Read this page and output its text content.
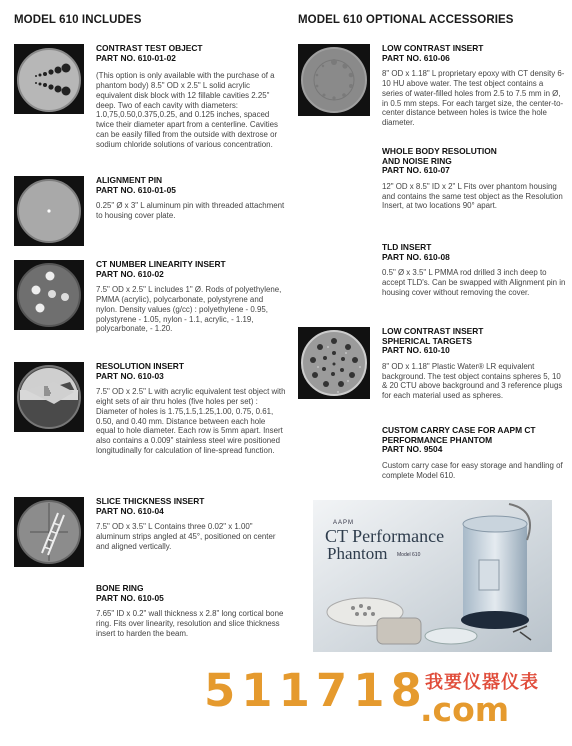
MODEL 610 INCLUDES	MODEL 610 OPTIONAL ACCESSORIES
CONTRAST TEST OBJECT
PART NO. 610-01-02
(This option is only available with the purchase of a phantom body) 8.5" OD x 2.5" L solid acrylic equivalent disk block with 12 fillable cavities 2.25" deep. Two of each cavity with diameters: 1.0,75,0.50,0.375,0.25, and 0.125 inches, spaced twice their diameter apart from a centerline. Cavities can be easily filled from the outside with dextrose or sodium chloride solutions of various concentration.
ALIGNMENT PIN
PART NO. 610-01-05
0.25" Ø x 3" L aluminum pin with threaded attachment to housing cover plate.
CT NUMBER LINEARITY INSERT
PART NO. 610-02
7.5" OD x 2.5" L includes 1" Ø. Rods of polyethylene, PMMA (acrylic), polycarbonate, polystyrene and nylon. Density values (g/cc) : polyethylene - 0.95, polystyrene - 1.05, nylon - 1.1, acrylic, - 1.19, polycarbonate, - 1.20.
RESOLUTION INSERT
PART NO. 610-03
7.5" OD x 2.5" L with acrylic equivalent test object with eight sets of air thru holes (five holes per set) : Diameter of holes is 1.75,1.5,1.25,1.00, 0.75, 0.61, 0.50, and 0.40 mm. Distance between each hole equal to hole diameter. Each row is 5mm apart. Insert also contains a 0.009" stainless steel wire positioned longitudinally for calculation of line-spread function.
SLICE THICKNESS INSERT
PART NO. 610-04
7.5" OD x 3.5" L Contains three 0.02" x 1.00" aluminum strips angled at 45°, positioned on center and aligned vertically.
BONE RING
PART NO. 610-05
7.65" ID x 0.2" wall thickness x 2.8" long cortical bone ring. Fits over linearity, resolution and slice thickness insert to harden the beam.
LOW CONTRAST INSERT
PART NO. 610-06
8" OD x 1.18" L proprietary epoxy with CT density 6-10 HU above water. The test object contains a series of water-filled holes from 2.5 to 7.5 mm in Ø, in 0.5 mm steps. For each target size, the center-to-center distance between holes is twice the hole diameter.
WHOLE BODY RESOLUTION
AND NOISE RING
PART NO. 610-07
12" OD x 8.5" ID x 2" L Fits over phantom housing and contains the same test object as the Resolution Insert, at two locations 90° apart.
TLD INSERT
PART NO. 610-08
0.5" Ø x 3.5" L PMMA rod drilled 3 inch deep to accept TLD's. Can be swapped with Alignment pin in housing cover without removing the cover.
LOW CONTRAST INSERT
SPHERICAL TARGETS
PART NO. 610-10
8" OD x 1.18" Plastic Water® LR equivalent background. The test object contains spheres 5, 10 & 20 CTU above background and 3 reference plugs for each material used as spheres.
CUSTOM CARRY CASE FOR AAPM CT
PERFORMANCE PHANTOM
PART NO. 9504
Custom carry case for easy storage and handling of complete Model 610.
AAPM
CT Performance
Phantom Model 610
511718
我要仪器仪表
.com
